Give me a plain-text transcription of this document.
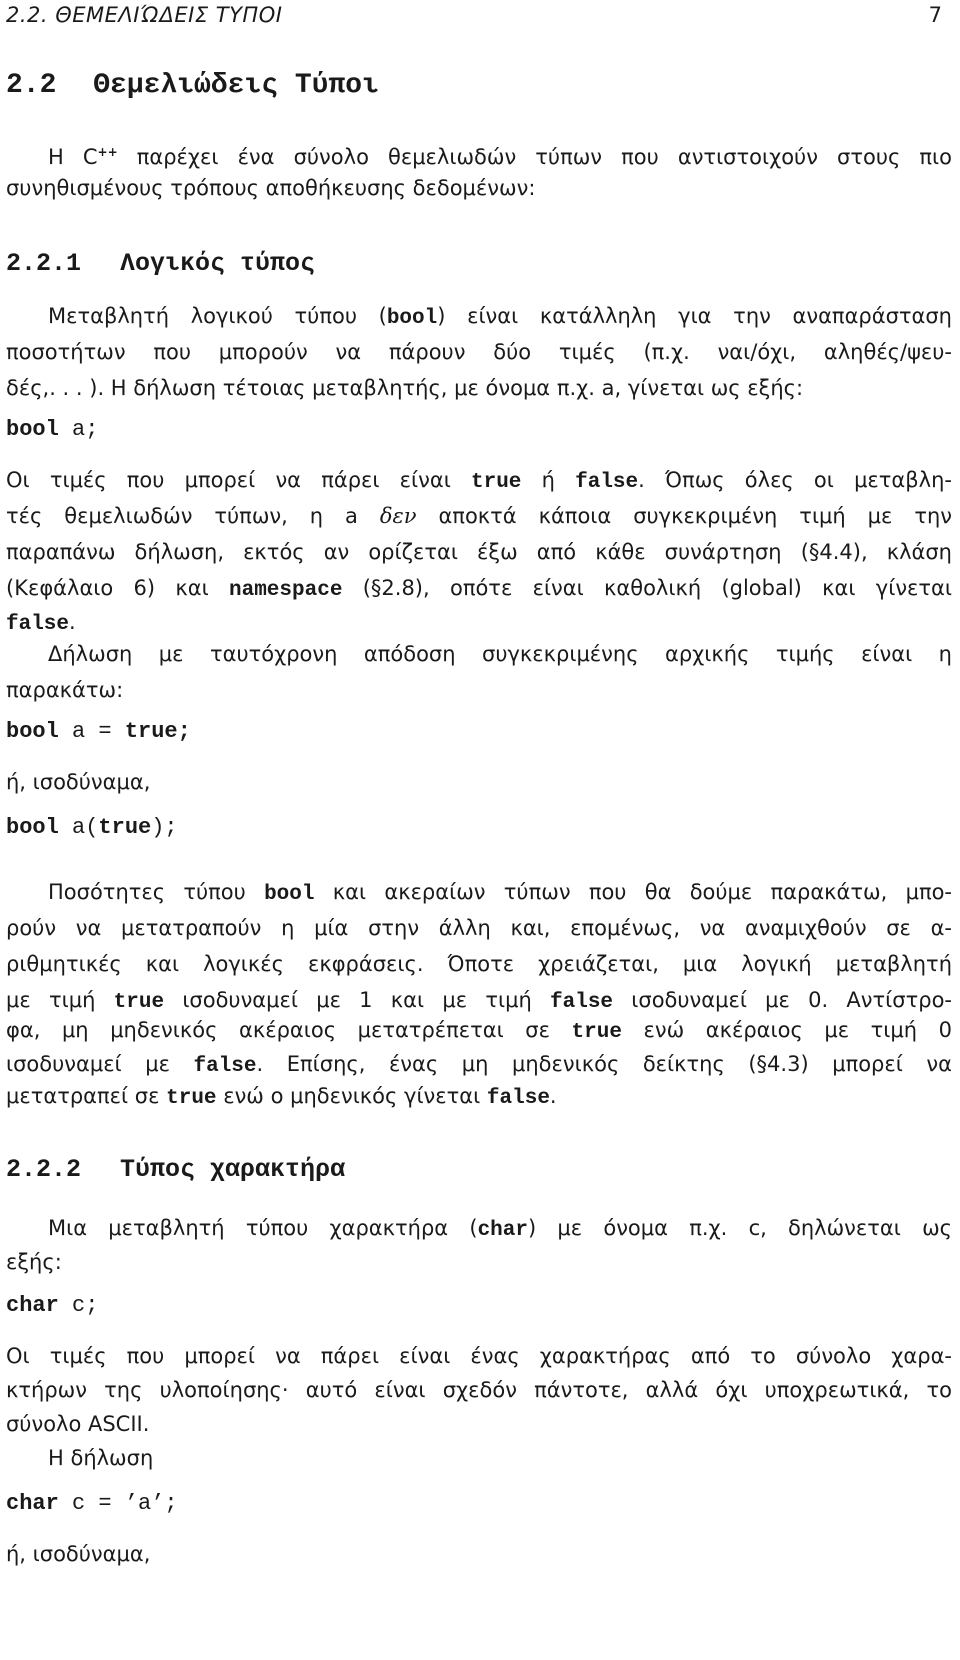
2.2. ΘΕΜΕΛΙΏΔΕΙΣ ΤΥΠΟΙ	7
2.2 Θεμελιώδεις Τύποι
Η C++ παρέχει ένα σύνολο θεμελιωδών τύπων που αντιστοιχούν στους πιο
συνηθισμένους τρόπους αποθήκευσης δεδομένων:
2.2.1 Λογικός τύπος
Μεταβλητή λογικού τύπου (bool) είναι κατάλληλη για την αναπαράσταση
ποσοτήτων που μπορούν να πάρουν δύο τιμές (π.χ. ναι/όχι, αληθές/ψευ-
δές,. . . ). Η δήλωση τέτοιας μεταβλητής, με όνομα π.χ. a, γίνεται ως εξής:
bool a;
Οι τιμές που μπορεί να πάρει είναι true ή false. Όπως όλες οι μεταβλη-
τές θεμελιωδών τύπων, η a δεν αποκτά κάποια συγκεκριμένη τιμή με την
παραπάνω δήλωση, εκτός αν ορίζεται έξω από κάθε συνάρτηση (§4.4), κλάση
(Κεφάλαιο 6) και namespace (§2.8), οπότε είναι καθολική (global) και γίνεται
false.
Δήλωση με ταυτόχρονη απόδοση συγκεκριμένης αρχικής τιμής είναι η
παρακάτω:
bool a = true;
ή, ισοδύναμα,
bool a(true);
Ποσότητες τύπου bool και ακεραίων τύπων που θα δούμε παρακάτω, μπο-
ρούν να μετατραπούν η μία στην άλλη και, επομένως, να αναμιχθούν σε α-
ριθμητικές και λογικές εκφράσεις. Όποτε χρειάζεται, μια λογική μεταβλητή
με τιμή true ισοδυναμεί με 1 και με τιμή false ισοδυναμεί με 0. Αντίστρο-
φα, μη μηδενικός ακέραιος μετατρέπεται σε true ενώ ακέραιος με τιμή 0
ισοδυναμεί με false. Επίσης, ένας μη μηδενικός δείκτης (§4.3) μπορεί να
μετατραπεί σε true ενώ ο μηδενικός γίνεται false.
2.2.2 Τύπος χαρακτήρα
Μια μεταβλητή τύπου χαρακτήρα (char) με όνομα π.χ. c, δηλώνεται ως
εξής:
char c;
Οι τιμές που μπορεί να πάρει είναι ένας χαρακτήρας από το σύνολο χαρα-
κτήρων της υλοποίησης· αυτό είναι σχεδόν πάντοτε, αλλά όχι υποχρεωτικά, το
σύνολο ASCII.
Η δήλωση
char c = ’a’;
ή, ισοδύναμα,
